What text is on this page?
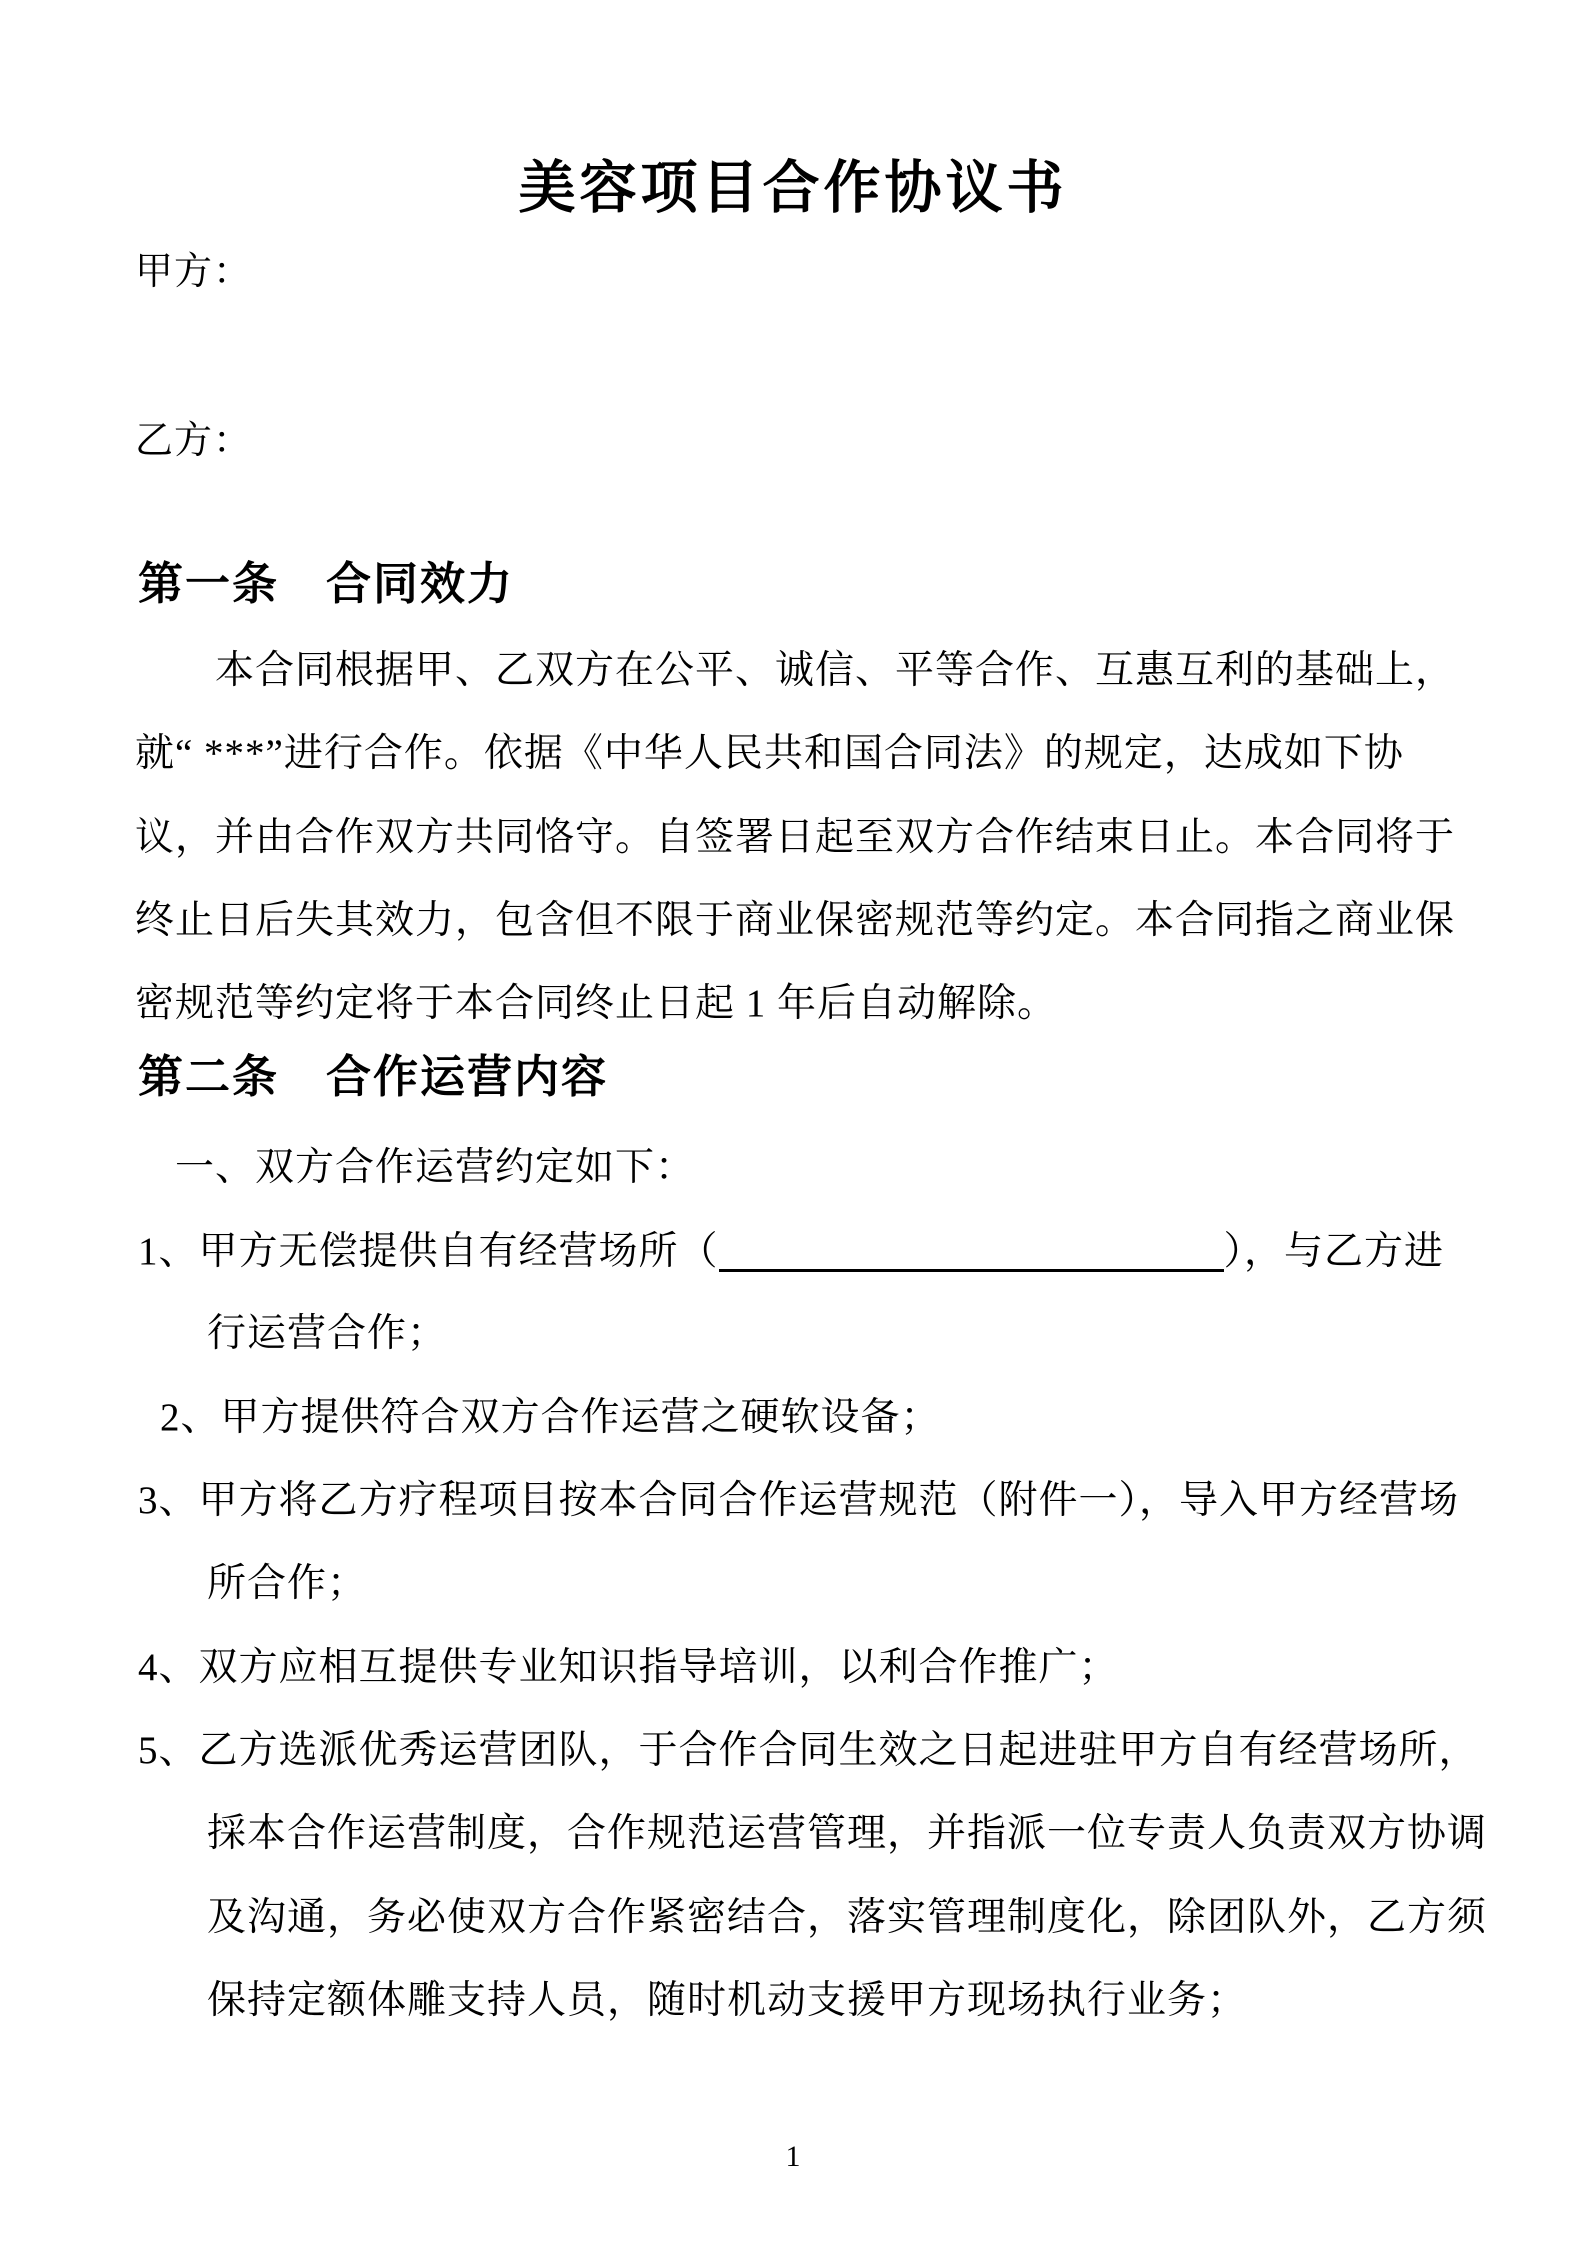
美容项目合作协议书
甲方：
乙方：
第一条　合同效力
本合同根据甲、乙双方在公平、诚信、平等合作、互惠互利的基础上，
就“ ***”进行合作。依据《中华人民共和国合同法》的规定，达成如下协
议，并由合作双方共同恪守。自签署日起至双方合作结束日止。本合同将于
终止日后失其效力，包含但不限于商业保密规范等约定。本合同指之商业保
密规范等约定将于本合同终止日起 1 年后自动解除。
第二条　合作运营内容
一、双方合作运营约定如下：
1、甲方无偿提供自有经营场所（	），与乙方进
行运营合作；
2、甲方提供符合双方合作运营之硬软设备；
3、甲方将乙方疗程项目按本合同合作运营规范（附件一），导入甲方经营场
所合作；
4、双方应相互提供专业知识指导培训，以利合作推广；
5、乙方选派优秀运营团队，于合作合同生效之日起进驻甲方自有经营场所，
採本合作运营制度，合作规范运营管理，并指派一位专责人负责双方协调
及沟通，务必使双方合作紧密结合，落实管理制度化，除团队外，乙方须
保持定额体雕支持人员，随时机动支援甲方现场执行业务；
1
